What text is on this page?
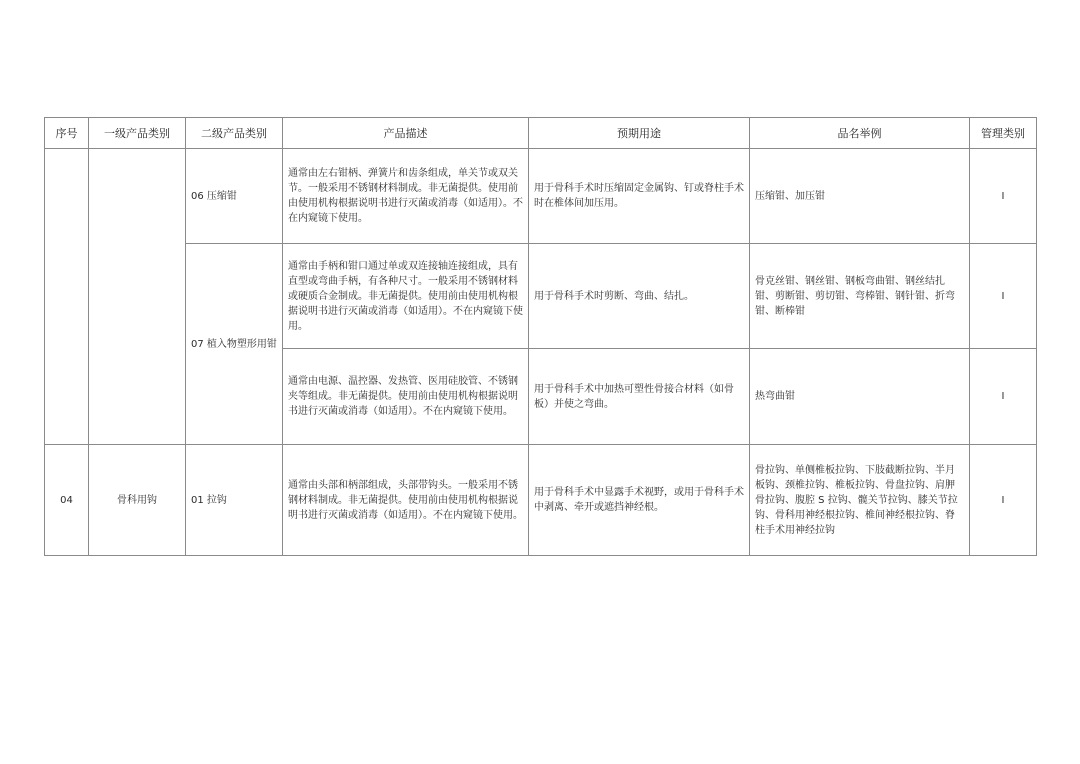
序号	一级产品类别	二级产品类别	产品描述	预期用途	品名举例	管理类别
		06 压缩钳	通常由左右钳柄、弹簧片和齿条组成，单关节或双关节。一般采用不锈钢材料制成。非无菌提供。使用前由使用机构根据说明书进行灭菌或消毒（如适用）。不在内窥镜下使用。	用于骨科手术时压缩固定金属钩、钉或脊柱手术时在椎体间加压用。	压缩钳、加压钳	I
		07 植入物塑形用钳	通常由手柄和钳口通过单或双连接轴连接组成，具有直型或弯曲手柄，有各种尺寸。一般采用不锈钢材料或硬质合金制成。非无菌提供。使用前由使用机构根据说明书进行灭菌或消毒（如适用）。不在内窥镜下使用。	用于骨科手术时剪断、弯曲、结扎。	骨克丝钳、钢丝钳、钢板弯曲钳、钢丝结扎钳、剪断钳、剪切钳、弯棒钳、钢针钳、折弯钳、断棒钳	I
			通常由电源、温控器、发热管、医用硅胶管、不锈钢夹等组成。非无菌提供。使用前由使用机构根据说明书进行灭菌或消毒（如适用）。不在内窥镜下使用。	用于骨科手术中加热可塑性骨接合材料（如骨板）并使之弯曲。	热弯曲钳	I
04	骨科用钩	01 拉钩	通常由头部和柄部组成，头部带钩头。一般采用不锈钢材料制成。非无菌提供。使用前由使用机构根据说明书进行灭菌或消毒（如适用）。不在内窥镜下使用。	用于骨科手术中显露手术视野，或用于骨科手术中剥离、牵开或遮挡神经根。	骨拉钩、单侧椎板拉钩、下肢截断拉钩、半月板钩、颈椎拉钩、椎板拉钩、骨盘拉钩、肩胛骨拉钩、腹腔 S 拉钩、髋关节拉钩、膝关节拉钩、骨科用神经根拉钩、椎间神经根拉钩、脊柱手术用神经拉钩	I
